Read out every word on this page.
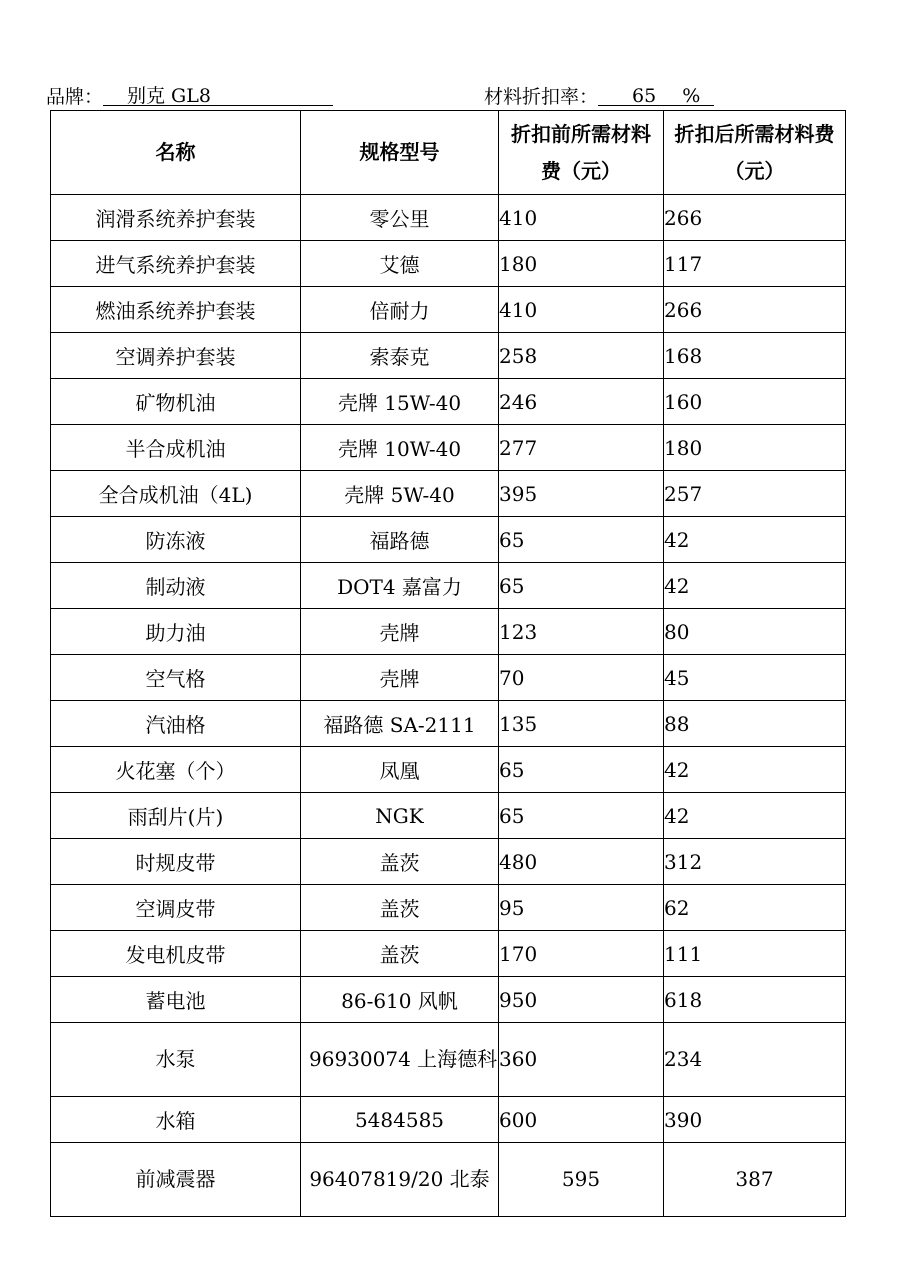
品牌： 别克 GL8	材料折扣率： 65 %
名称	规格型号	折扣前所需材料费（元）	折扣后所需材料费（元）
润滑系统养护套装	零公里	410	266
进气系统养护套装	艾德	180	117
燃油系统养护套装	倍耐力	410	266
空调养护套装	索泰克	258	168
矿物机油	壳牌 15W-40	246	160
半合成机油	壳牌 10W-40	277	180
全合成机油（4L)	壳牌 5W-40	395	257
防冻液	福路德	65	42
制动液	DOT4 嘉富力	65	42
助力油	壳牌	123	80
空气格	壳牌	70	45
汽油格	福路德 SA-2111	135	88
火花塞（个）	凤凰	65	42
雨刮片(片)	NGK	65	42
时规皮带	盖茨	480	312
空调皮带	盖茨	95	62
发电机皮带	盖茨	170	111
蓄电池	86-610 风帆	950	618
水泵	96930074 上海德科	360	234
水箱	5484585	600	390
前减震器	96407819/20 北泰	595	387
